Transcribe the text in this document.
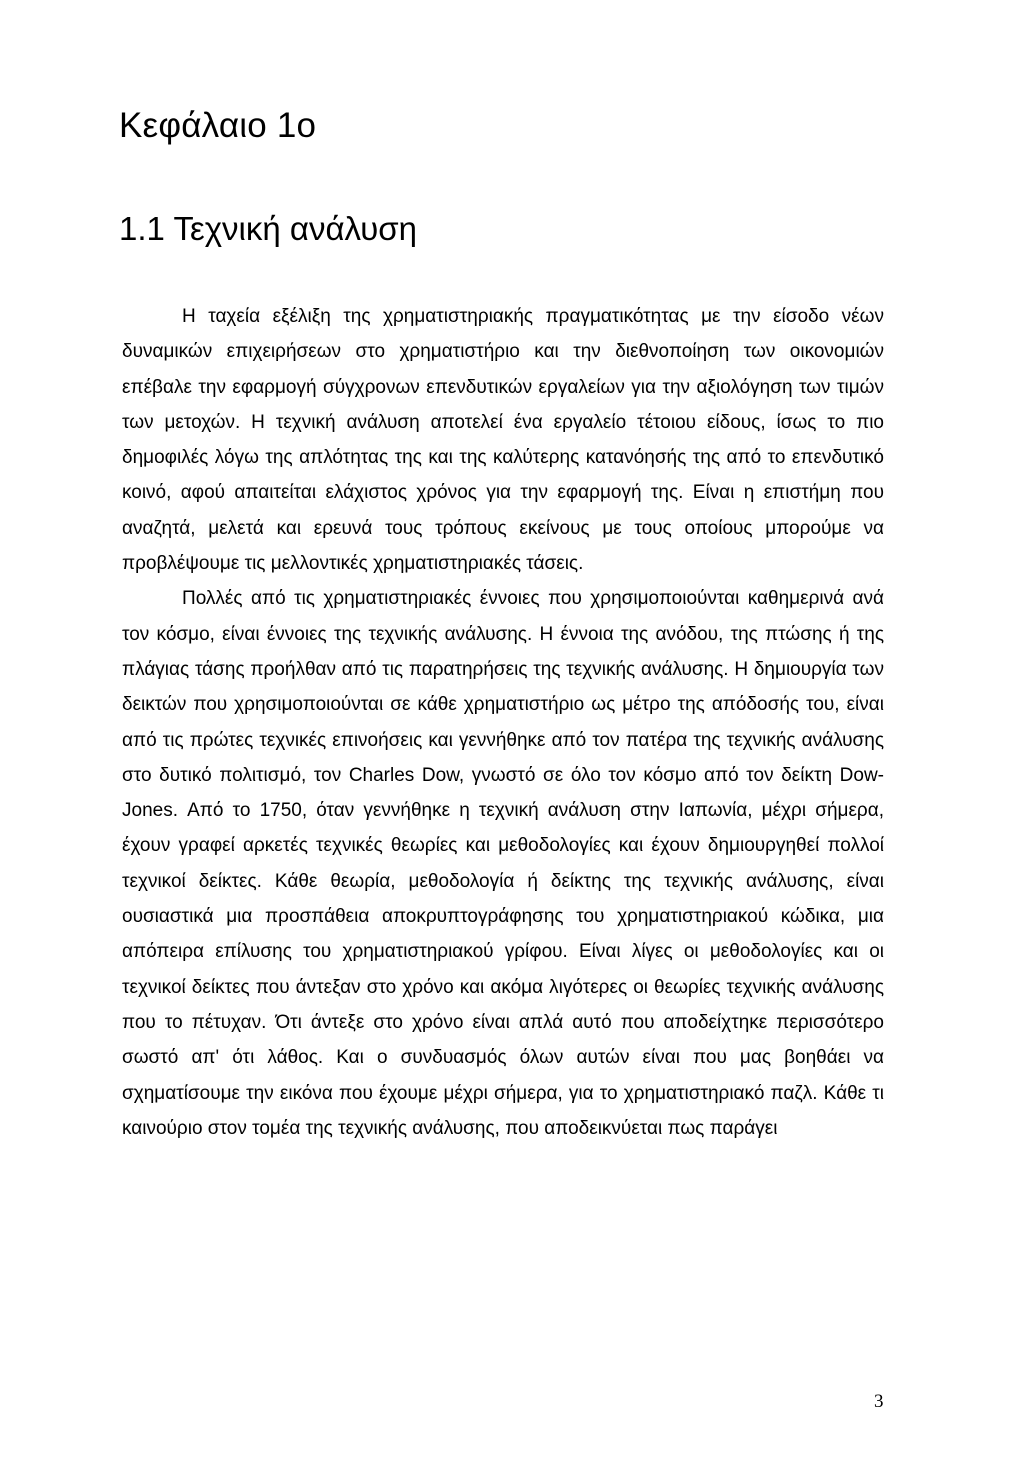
Κεφάλαιο 1ο
1.1 Τεχνική ανάλυση

Η ταχεία εξέλιξη της χρηματιστηριακής πραγματικότητας με την είσοδο νέων δυναμικών επιχειρήσεων στο χρηματιστήριο και την διεθνοποίηση των οικονομιών επέβαλε την εφαρμογή σύγχρονων επενδυτικών εργαλείων για την αξιολόγηση των τιμών των μετοχών. Η τεχνική ανάλυση αποτελεί ένα εργαλείο τέτοιου είδους, ίσως το πιο δημοφιλές λόγω της απλότητας της και της καλύτερης κατανόησής της από το επενδυτικό κοινό, αφού απαιτείται ελάχιστος χρόνος για την εφαρμογή της. Είναι η επιστήμη που αναζητά, μελετά και ερευνά τους τρόπους εκείνους με τους οποίους μπορούμε να προβλέψουμε τις μελλοντικές χρηματιστηριακές τάσεις.

Πολλές από τις χρηματιστηριακές έννοιες που χρησιμοποιούνται καθημερινά ανά τον κόσμο, είναι έννοιες της τεχνικής ανάλυσης. Η έννοια της ανόδου, της πτώσης ή της πλάγιας τάσης προήλθαν από τις παρατηρήσεις της τεχνικής ανάλυσης. Η δημιουργία των δεικτών που χρησιμοποιούνται σε κάθε χρηματιστήριο ως μέτρο της απόδοσής του, είναι από τις πρώτες τεχνικές επινοήσεις και γεννήθηκε από τον πατέρα της τεχνικής ανάλυσης στο δυτικό πολιτισμό, τον Charles Dow, γνωστό σε όλο τον κόσμο από τον δείκτη Dow-Jones. Από το 1750, όταν γεννήθηκε η τεχνική ανάλυση στην Ιαπωνία, μέχρι σήμερα, έχουν γραφεί αρκετές τεχνικές θεωρίες και μεθοδολογίες και έχουν δημιουργηθεί πολλοί τεχνικοί δείκτες. Κάθε θεωρία, μεθοδολογία ή δείκτης της τεχνικής ανάλυσης, είναι ουσιαστικά μια προσπάθεια αποκρυπτογράφησης του χρηματιστηριακού κώδικα, μια απόπειρα επίλυσης του χρηματιστηριακού γρίφου. Είναι λίγες οι μεθοδολογίες και οι τεχνικοί δείκτες που άντεξαν στο χρόνο και ακόμα λιγότερες οι θεωρίες τεχνικής ανάλυσης που το πέτυχαν. Ότι άντεξε στο χρόνο είναι απλά αυτό που αποδείχτηκε περισσότερο σωστό απ' ότι λάθος. Και ο συνδυασμός όλων αυτών είναι που μας βοηθάει να σχηματίσουμε την εικόνα που έχουμε μέχρι σήμερα, για το χρηματιστηριακό παζλ. Κάθε τι καινούριο στον τομέα της τεχνικής ανάλυσης, που αποδεικνύεται πως παράγει

3
